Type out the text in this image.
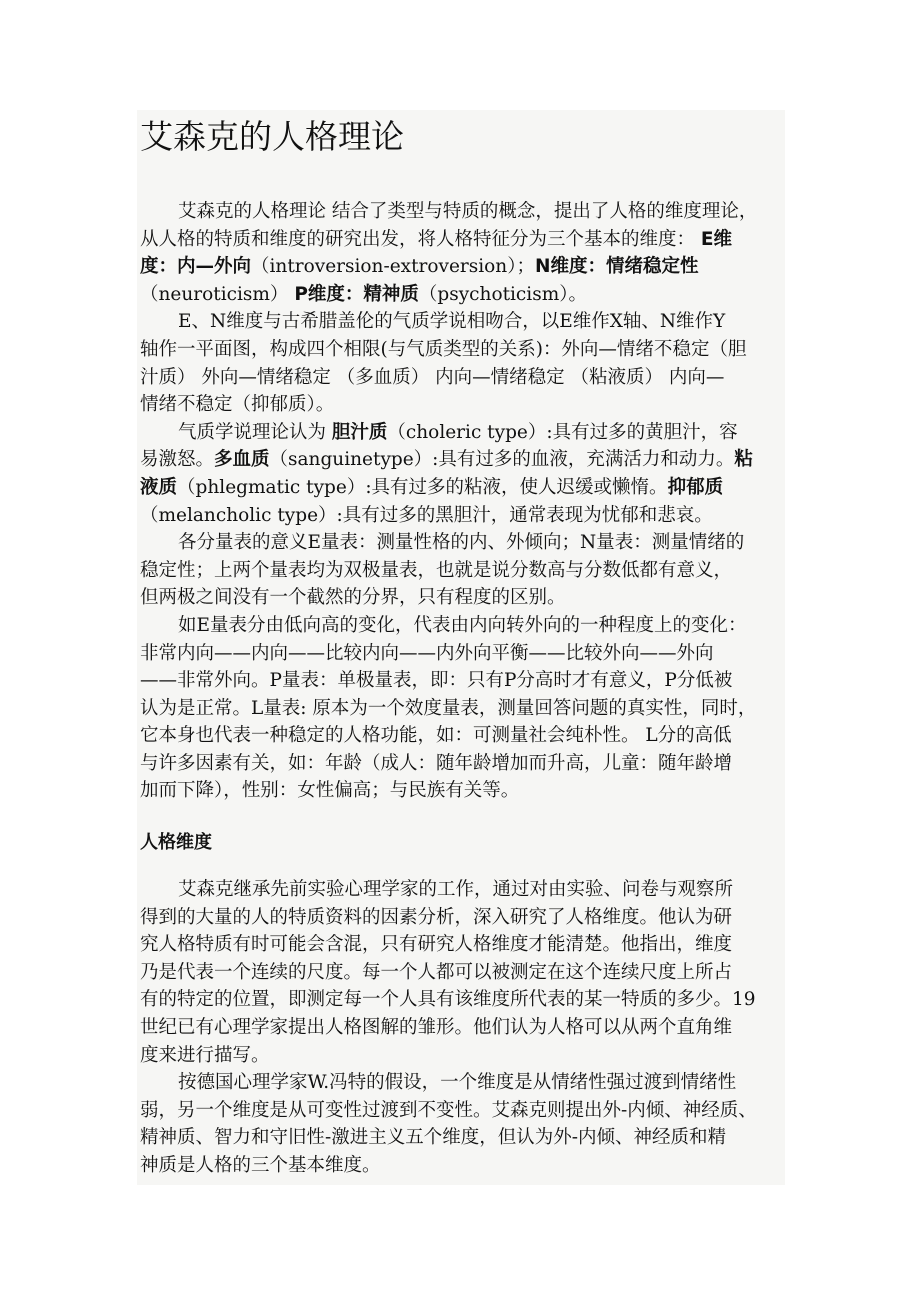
艾森克的人格理论
艾森克的人格理论 结合了类型与特质的概念，提出了人格的维度理论，
从人格的特质和维度的研究出发，将人格特征分为三个基本的维度： E维
度：内—外向（introversion-extroversion）；N维度：情绪稳定性
（neuroticism） P维度：精神质（psychoticism）。
E、N维度与古希腊盖伦的气质学说相吻合，以E维作X轴、N维作Y
轴作一平面图，构成四个相限(与气质类型的关系)：外向—情绪不稳定（胆
汁质） 外向—情绪稳定 （多血质） 内向—情绪稳定 （粘液质） 内向—
情绪不稳定（抑郁质）。
气质学说理论认为 胆汁质（choleric type）:具有过多的黄胆汁，容
易激怒。多血质（sanguinetype）:具有过多的血液，充满活力和动力。粘
液质（phlegmatic type）:具有过多的粘液，使人迟缓或懒惰。抑郁质
（melancholic type）:具有过多的黑胆汁，通常表现为忧郁和悲哀。
各分量表的意义E量表：测量性格的内、外倾向；N量表：测量情绪的
稳定性；上两个量表均为双极量表，也就是说分数高与分数低都有意义，
但两极之间没有一个截然的分界，只有程度的区别。
如E量表分由低向高的变化，代表由内向转外向的一种程度上的变化：
非常内向——内向——比较内向——内外向平衡——比较外向——外向
——非常外向。P量表：单极量表，即：只有P分高时才有意义，P分低被
认为是正常。L量表: 原本为一个效度量表，测量回答问题的真实性，同时，
它本身也代表一种稳定的人格功能，如：可测量社会纯朴性。 L分的高低
与许多因素有关，如：年龄（成人：随年龄增加而升高，儿童：随年龄增
加而下降），性别：女性偏高；与民族有关等。
人格维度
艾森克继承先前实验心理学家的工作，通过对由实验、问卷与观察所
得到的大量的人的特质资料的因素分析，深入研究了人格维度。他认为研
究人格特质有时可能会含混，只有研究人格维度才能清楚。他指出，维度
乃是代表一个连续的尺度。每一个人都可以被测定在这个连续尺度上所占
有的特定的位置，即测定每一个人具有该维度所代表的某一特质的多少。19
世纪已有心理学家提出人格图解的雏形。他们认为人格可以从两个直角维
度来进行描写。
按德国心理学家W.冯特的假设，一个维度是从情绪性强过渡到情绪性
弱，另一个维度是从可变性过渡到不变性。艾森克则提出外-内倾、神经质、
精神质、智力和守旧性-激进主义五个维度，但认为外-内倾、神经质和精
神质是人格的三个基本维度。
